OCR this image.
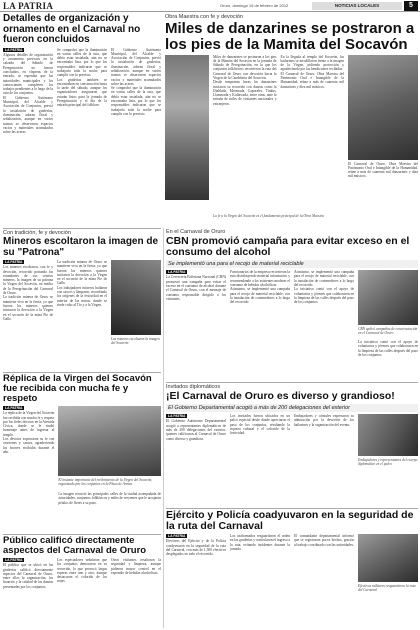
LA PATRIA	Oruro, domingo 19 de febrero de 2012	NOTICIAS LOCALES	5
Detalles de organización y ornamento en el Carnaval no fueron concluidos
LA PATRIA

Algunos detalles de organización y ornamento previstos en la calzada del Sábado de Peregrinación no fueron concluidos, en vísperas de la entrada; se esperaba que las autoridades municipales y los comerciantes completen los trabajos pendientes a lo largo de la ruta de los conjuntos.

El Gobierno Autónomo Municipal, del Alcalde y Asociación de Conjuntos, previó la instalación de graderías, iluminación, adorno floral y señalización, aunque en varios tramos se observaron espacios vacíos y materiales acumulados sobre las aceras.

Se comprobó que la iluminación en varias calles de la ruta, que debía estar instalada, aún no se encontraba lista, por lo que los responsables indicaron que se trabajaría toda la noche para cumplir con lo previsto.

Los graderías también se encontraban en construcción hasta la tarde del sábado, aunque los organizadores aseguraron que estarán listos para la jornada de Peregrinación y el día de la entrada principal del folklore.

El Gobierno Autónomo Municipal, del Alcalde y Asociación de Conjuntos, previó la instalación de graderías, iluminación, adorno floral y señalización, aunque en varios tramos se observaron espacios vacíos y materiales acumulados sobre las aceras.

Se comprobó que la iluminación en varias calles de la ruta, que debía estar instalada, aún no se encontraba lista, por lo que los responsables indicaron que se trabajaría toda la noche para cumplir con lo previsto.

Obra Maestra con fe y devoción
Miles de danzarines se postraron a los pies de la Mamita del Socavón

Miles de danzarines se postraron a los pies de la Mamita del Socavón en la jornada de Sábado de Peregrinación, en la que los conjuntos folklóricos recorrieron la ruta del Carnaval de Oruro con devoción hacia la Virgen de la Candelaria del Socavón.

Desde tempranas horas los danzarines iniciaron su recorrido con danzas como la Diablada, Morenada, Caporales, Tinkus, Llamerada y Kullawada, entre otras, ante la mirada de miles de visitantes nacionales y extranjeros.

En la llegada al templo del Socavón, los bailarines se arrodillaron frente a la imagen de la Virgen, pidiendo protección y agradeciendo por las bendiciones recibidas.

El Carnaval de Oruro, Obra Maestra del Patrimonio Oral e Intangible de la Humanidad, reúne a más de cuarenta mil danzarines y diez mil músicos.

El Carnaval de Oruro, Obra Maestra del Patrimonio Oral e Intangible de la Humanidad, reúne a más de cuarenta mil danzarines y diez mil músicos.

La fe a la Virgen del Socavón es el fundamento principal de la Obra Maestra
Con tradición, fe y devoción
Mineros escoltaron la imagen de su "Patrona"
LA PATRIA

Los mineros escoltaron, con fe y devoción, recorrido portando las estandartes de sus centros mineros, la imagen de su patrona la Virgen del Socavón, en medio de la Peregrinación del Carnaval de Oruro.

La tradición minera de Oruro se mantiene viva en la fiesta, ya que fueron los mineros quienes iniciaron la devoción a la Virgen en el socavón de la mina Pie de Gallo.

La tradición minera de Oruro se mantiene viva en la fiesta, ya que fueron los mineros quienes iniciaron la devoción a la Virgen en el socavón de la mina Pie de Gallo.

Los trabajadores mineros bailaron con cascos y lámparas, recordando los orígenes de la festividad en el interior de las minas, donde se rinde culto al Tío y a la Virgen.

Los mineros escoltaron la imagen del Socavón
Réplica de la Virgen del Socavón fue recibida con mucha fe y respeto
LA PATRIA

La réplica de la Virgen del Socavón fue recibida con mucha fe y respeto por los fieles devotos en la Avenida Cívica, donde se le rindió homenaje antes de ingresar al templo.

Los devotos expresaron su fe con oraciones y cantos, agradeciendo los favores recibidos durante el año.

El instante importante del recibimiento de la Virgen del Socavón, organizado por los conjuntos en la Plaza de Armas

La imagen recorrió las principales calles de la ciudad acompañada de autoridades, conjuntos folklóricos y miles de creyentes que le arrojaron pétalos de flores a su paso.

Público calificó directamente aspectos del Carnaval de Oruro
LA PATRIA

El público que se ubicó en las graderías calificó directamente aspectos del Carnaval de Oruro, entre ellos la organización, los horarios y la calidad de las danzas presentadas por los conjuntos.

Los espectadores señalaron que los conjuntos demoraron en su recorrido, lo que provocó largas esperas entre uno y otro, aunque destacaron el colorido de los trajes.

Otros visitantes resaltaron la seguridad y limpieza, aunque pidieron mayor control en el expendio de bebidas alcohólicas.

En el Carnaval de Oruro
CBN promovió campaña para evitar exceso en el consumo del alcohol
Se implementó una para el recojo de material reciclable
LA PATRIA

La Cervecería Boliviana Nacional (CBN) promovió una campaña para evitar el exceso en el consumo de alcohol durante el Carnaval de Oruro, con el mensaje de consumo responsable dirigido a los visitantes.

Funcionarios de la empresa recorrieron la ruta distribuyendo material informativo y recomendando a los asistentes moderar el consumo de bebidas alcohólicas.

Asimismo, se implementó una campaña para el recojo de material reciclable, con la instalación de contenedores a lo largo del recorrido.

Asimismo, se implementó una campaña para el recojo de material reciclable, con la instalación de contenedores a lo largo del recorrido.

La iniciativa contó con el apoyo de voluntarios y jóvenes que colaboraron en la limpieza de las calles después del paso de los conjuntos.

CBN aplicó campañas de concienciación en el Carnaval de Oruro

La iniciativa contó con el apoyo de voluntarios y jóvenes que colaboraron en la limpieza de las calles después del paso de los conjuntos.

Invitados diplomáticos
¡El Carnaval de Oruro es diverso y grandioso!
El Gobierno Departamental acogió a más de 200 delegaciones del exterior
LA PATRIA

El Gobierno Autónomo Departamental acogió a representantes diplomáticos de más de 200 delegaciones del exterior, quienes calificaron al Carnaval de Oruro como diverso y grandioso.

Los invitados fueron ubicados en un palco especial desde donde apreciaron el paso de los conjuntos, resaltando la riqueza cultural y el colorido de la festividad.

Embajadores y cónsules expresaron su admiración por la devoción de los bailarines y la organización del evento.

Embajadores y representantes del cuerpo diplomático en el palco
Ejército y Policía coadyuvaron en la seguridad de la ruta del Carnaval
LA PATRIA

Efectivos del Ejército y de la Policía coadyuvaron en la seguridad de la ruta del Carnaval, con más de 1.500 efectivos desplegados en todo el recorrido.

Los uniformados resguardaron el orden en las graderías y controlaron el ingreso a la ruta, evitando incidentes durante la jornada.

El comandante departamental informó que se registraron pocos hechos, gracias al trabajo coordinado con las autoridades.

Efectivos militares resguardaron la ruta del Carnaval
